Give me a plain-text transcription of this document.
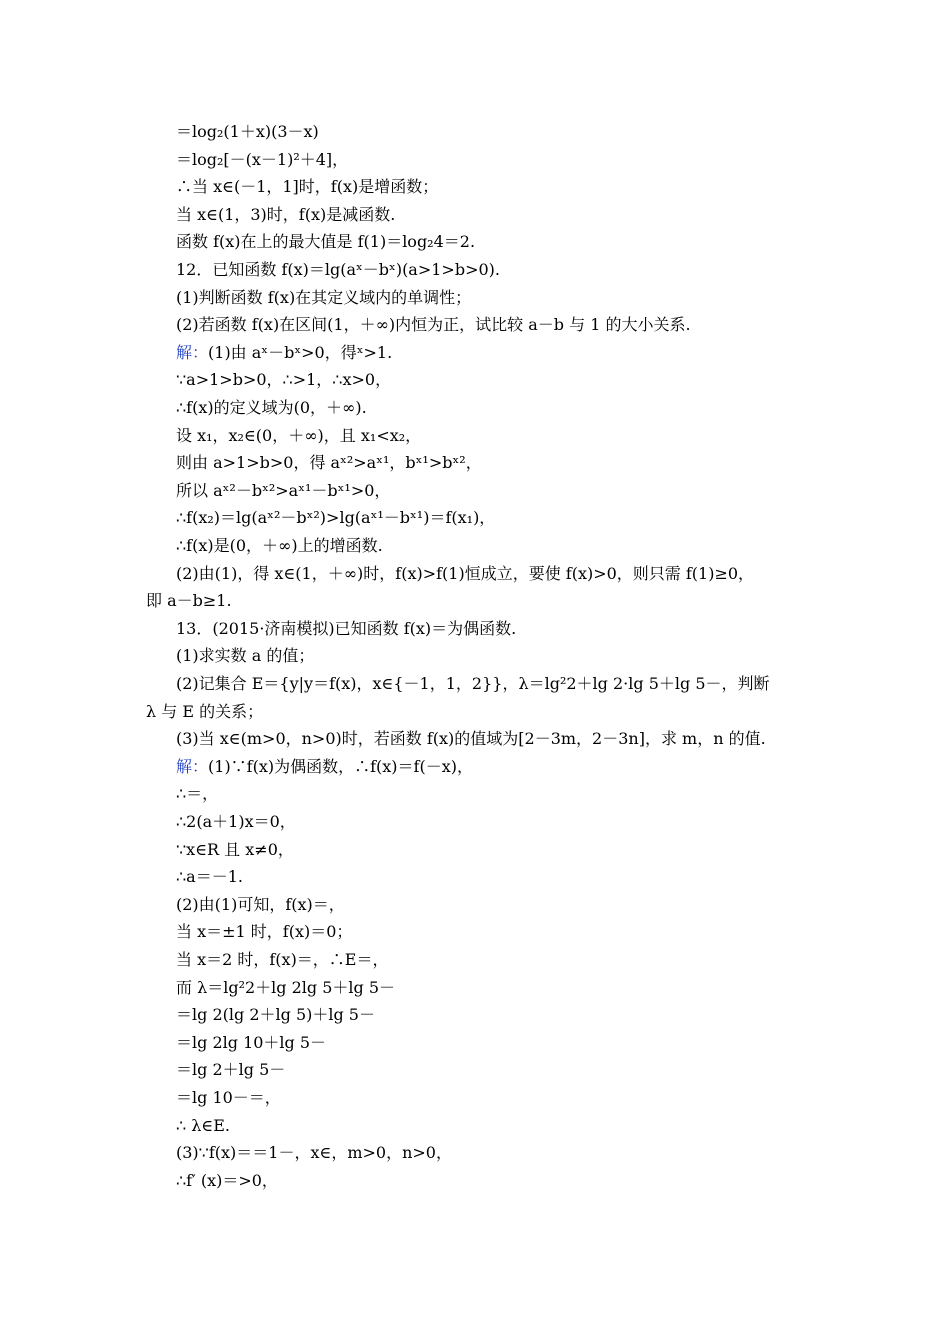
＝log₂(1＋x)(3－x)
＝log₂[－(x－1)²＋4]，
∴当 x∈(－1，1]时，f(x)是增函数；
当 x∈(1，3)时，f(x)是减函数.
函数 f(x)在上的最大值是 f(1)＝log₂4＝2.
12．已知函数 f(x)＝lg(aˣ－bˣ)(a>1>b>0).
(1)判断函数 f(x)在其定义域内的单调性；
(2)若函数 f(x)在区间(1，＋∞)内恒为正，试比较 a－b 与 1 的大小关系.
解：(1)由 aˣ－bˣ>0，得ˣ>1.
∵a>1>b>0，∴>1，∴x>0，
∴f(x)的定义域为(0，＋∞).
设 x₁，x₂∈(0，＋∞)，且 x₁<x₂，
则由 a>1>b>0，得 aˣ²>aˣ¹，bˣ¹>bˣ²，
所以 aˣ²－bˣ²>aˣ¹－bˣ¹>0，
∴f(x₂)＝lg(aˣ²－bˣ²)>lg(aˣ¹－bˣ¹)＝f(x₁)，
∴f(x)是(0，＋∞)上的增函数.
(2)由(1)，得 x∈(1，＋∞)时，f(x)>f(1)恒成立，要使 f(x)>0，则只需 f(1)≥0，
即 a－b≥1.
13．(2015·济南模拟)已知函数 f(x)＝为偶函数.
(1)求实数 a 的值；
(2)记集合 E＝{y|y＝f(x)，x∈{－1，1，2}}，λ＝lg²2＋lg 2·lg 5＋lg 5－，判断
λ 与 E 的关系；
(3)当 x∈(m>0，n>0)时，若函数 f(x)的值域为[2－3m，2－3n]，求 m，n 的值.
解：(1)∵f(x)为偶函数，∴f(x)＝f(－x)，
∴＝，
∴2(a＋1)x＝0，
∵x∈R 且 x≠0，
∴a＝－1.
(2)由(1)可知，f(x)＝，
当 x＝±1 时，f(x)＝0；
当 x＝2 时，f(x)＝，∴E＝，
而 λ＝lg²2＋lg 2lg 5＋lg 5－
＝lg 2(lg 2＋lg 5)＋lg 5－
＝lg 2lg 10＋lg 5－
＝lg 2＋lg 5－
＝lg 10－＝，
∴ λ∈E.
(3)∵f(x)＝＝1－，x∈，m>0，n>0，
∴f′ (x)＝>0，
